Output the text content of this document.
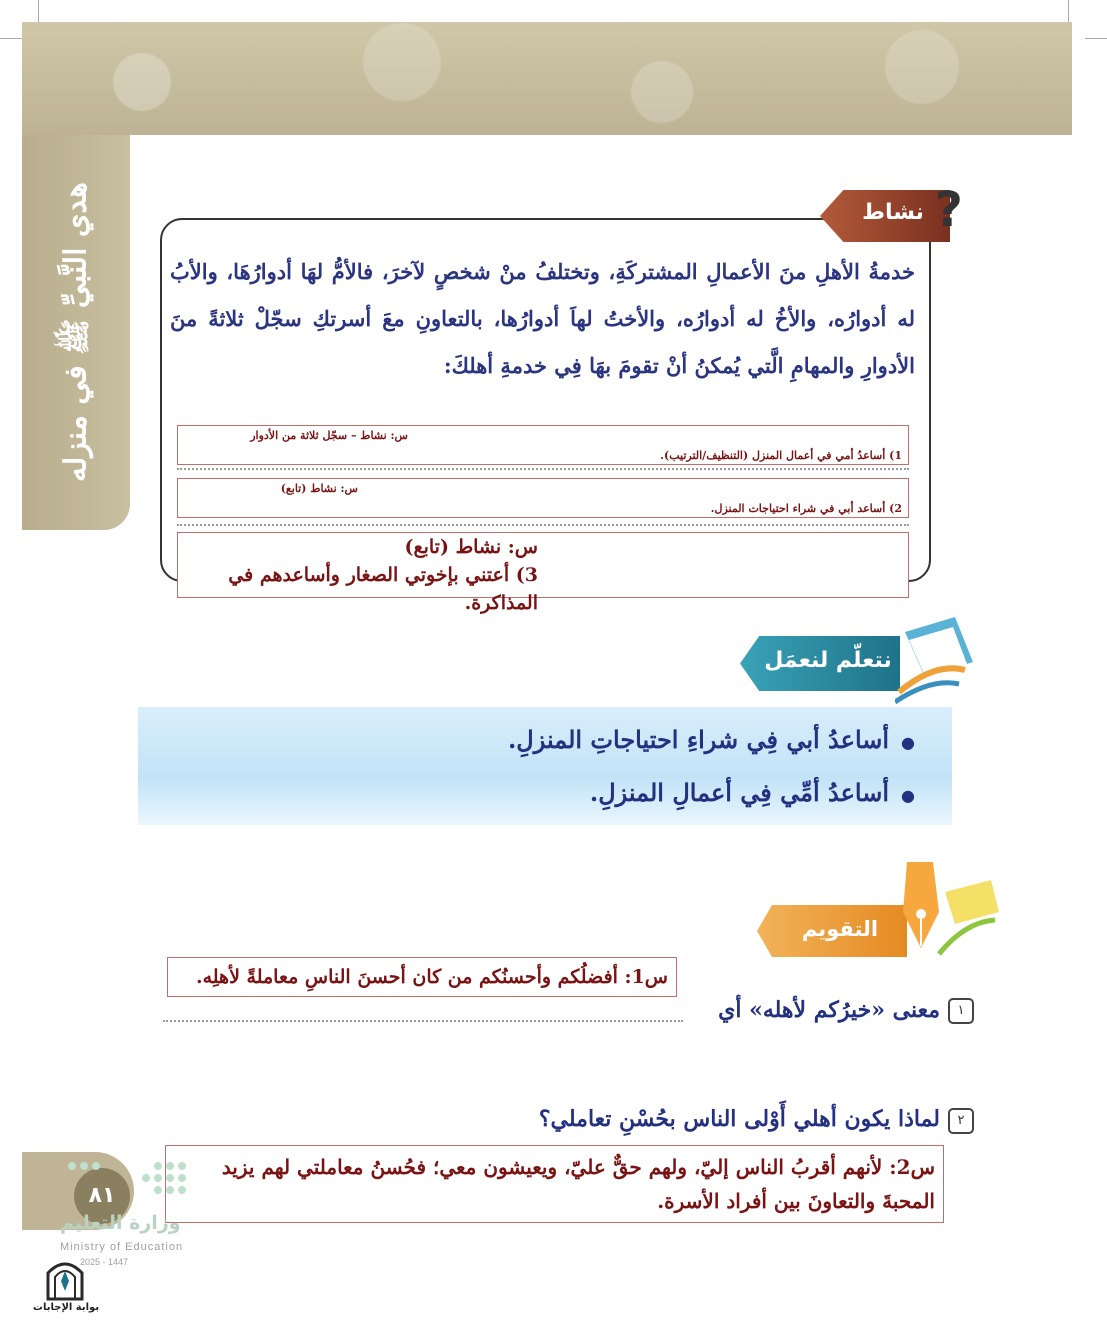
هدي النَّبيِّ ﷺ في منزله	نشاط ?
خدمةُ الأهلِ منَ الأعمالِ المشتركَةِ، وتختلفُ منْ شخصٍ لآخرَ، فالأمُّ لهَا أدوارُهَا، والأبُ له أدوارُه، والأخُ له أدوارُه، والأختُ لهاَ أدوارُها، بالتعاونِ معَ أسرتكِ سجّلْ ثلاثةً منَ الأدوارِ والمهامِ الَّتي يُمكنُ أنْ تقومَ بهَا فِي خدمةِ أهلكَ:
س: نشاط – سجّل ثلاثة من الأدوار
1) أساعدُ أمي في أعمال المنزل (التنظيف/الترتيب).
س: نشاط (تابع)
2) أساعد أبي في شراء احتياجات المنزل.
س: نشاط (تابع)
3) أعتني بإخوتي الصغار وأساعدهم في المذاكرة.
نتعلّم لنعمَل
● أساعدُ أبي فِي شراءِ احتياجاتِ المنزلِ.
● أساعدُ أمِّي فِي أعمالِ المنزلِ.
التقويم
س1: أفضلُكم وأحسنُكم من كان أحسنَ الناسِ معاملةً لأهلِه.
١
معنى «خيرُكم لأهله» أي
٢
لماذا يكون أهلي أَوْلى الناس بحُسْنِ تعاملي؟
س2: لأنهم أقربُ الناس إليّ، ولهم حقٌّ عليّ، ويعيشون معي؛ فحُسنُ معاملتي لهم يزيد المحبةَ والتعاونَ بين أفراد الأسرة.
٨١
وزارة التعليم
Ministry of Education
2025 - 1447
بوابة الإجابات
